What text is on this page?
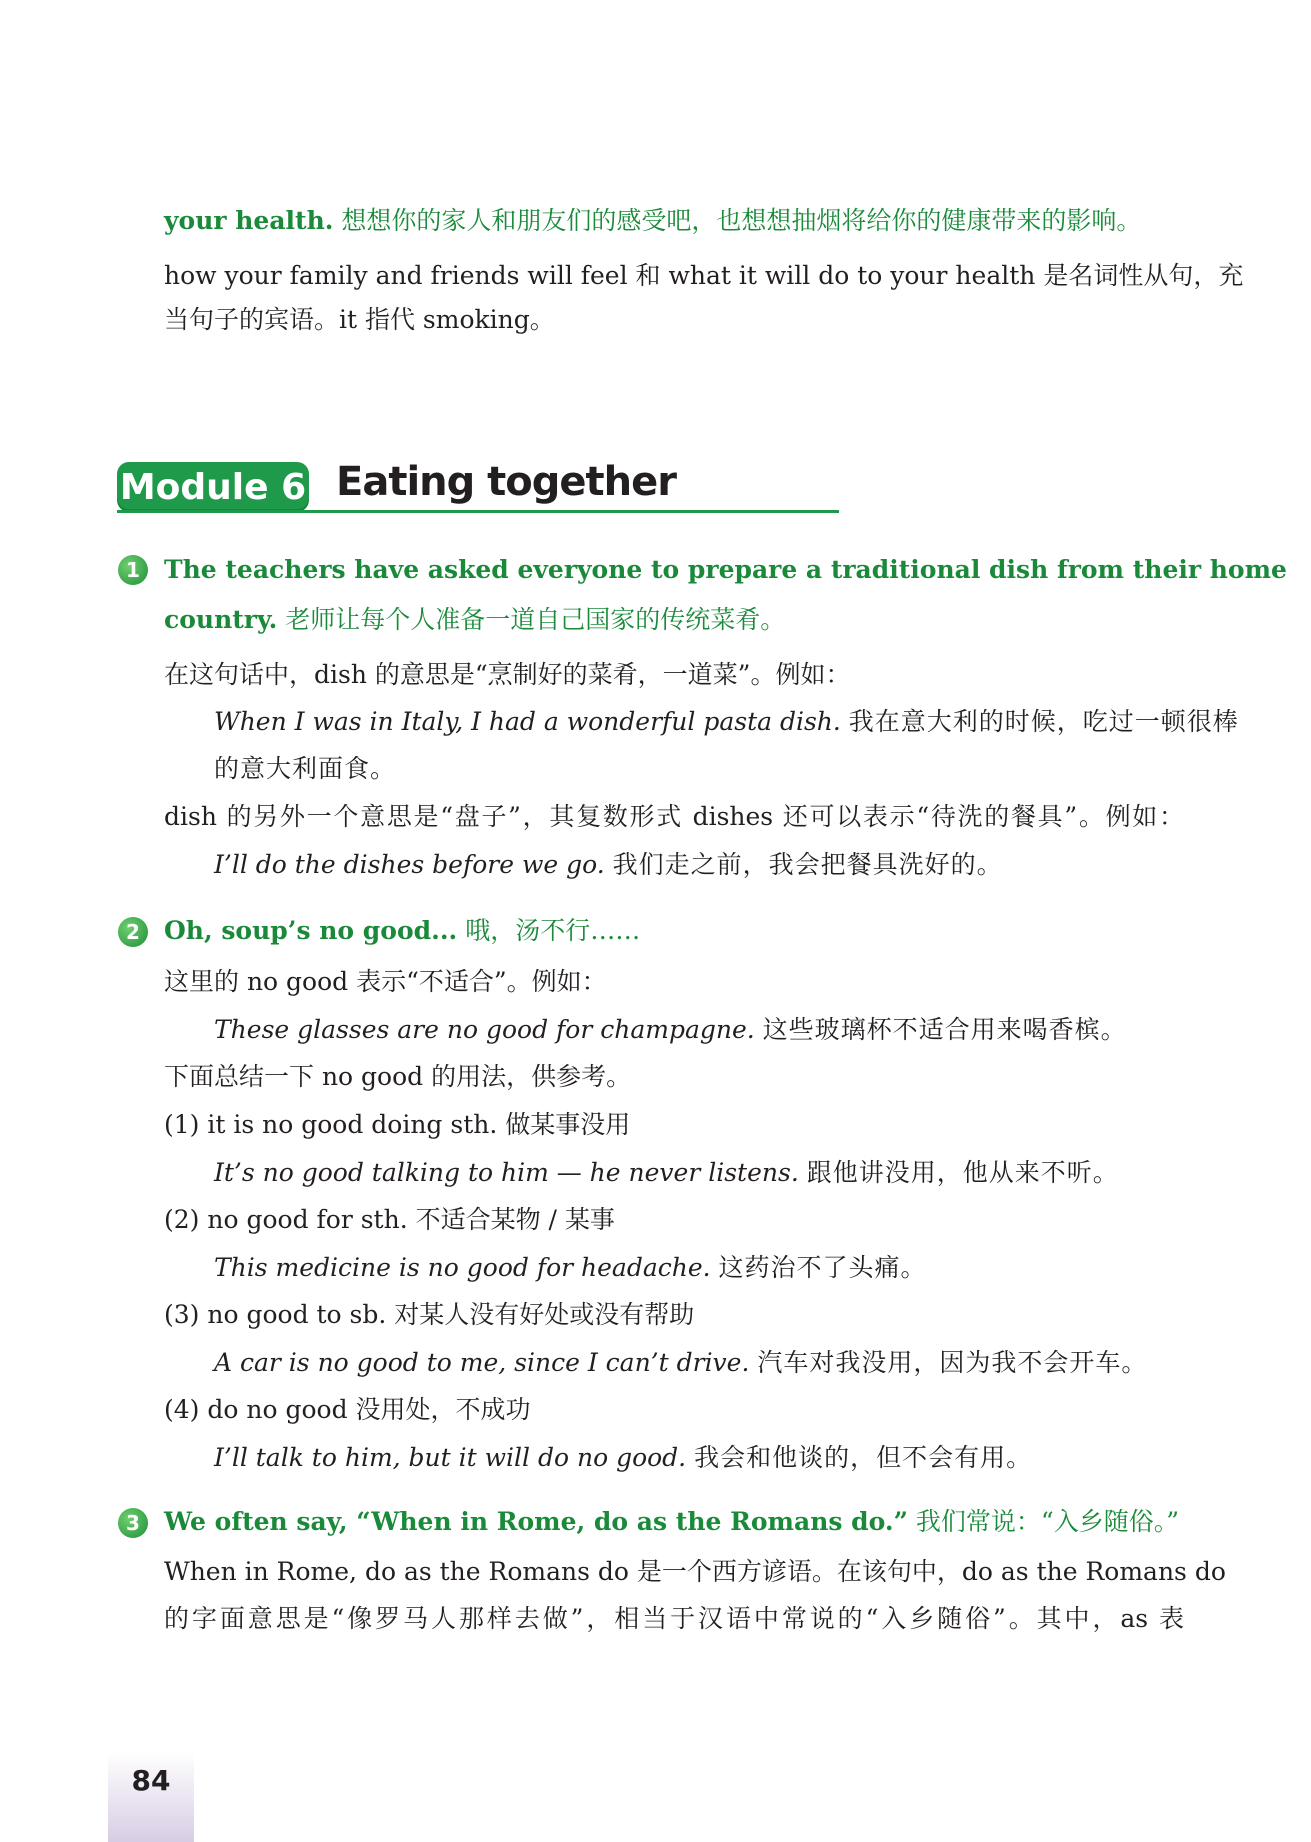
your health. 想想你的家人和朋友们的感受吧，也想想抽烟将给你的健康带来的影响。
how your family and friends will feel 和 what it will do to your health 是名词性从句，充
当句子的宾语。it 指代 smoking。
Module 6 Eating together
1 The teachers have asked everyone to prepare a traditional dish from their home
country. 老师让每个人准备一道自己国家的传统菜肴。
在这句话中，dish 的意思是“烹制好的菜肴，一道菜”。例如：
When I was in Italy, I had a wonderful pasta dish. 我在意大利的时候，吃过一顿很棒
的意大利面食。
dish 的另外一个意思是“盘子”，其复数形式 dishes 还可以表示“待洗的餐具”。例如：
I’ll do the dishes before we go. 我们走之前，我会把餐具洗好的。
2 Oh, soup’s no good... 哦，汤不行……
这里的 no good 表示“不适合”。例如：
These glasses are no good for champagne. 这些玻璃杯不适合用来喝香槟。
下面总结一下 no good 的用法，供参考。
(1) it is no good doing sth. 做某事没用
It’s no good talking to him — he never listens. 跟他讲没用，他从来不听。
(2) no good for sth. 不适合某物 / 某事
This medicine is no good for headache. 这药治不了头痛。
(3) no good to sb. 对某人没有好处或没有帮助
A car is no good to me, since I can’t drive. 汽车对我没用，因为我不会开车。
(4) do no good 没用处，不成功
I’ll talk to him, but it will do no good. 我会和他谈的，但不会有用。
3 We often say, “When in Rome, do as the Romans do.” 我们常说：“入乡随俗。”
When in Rome, do as the Romans do 是一个西方谚语。在该句中，do as the Romans do
的字面意思是“像罗马人那样去做”，相当于汉语中常说的“入乡随俗”。其中，as 表
84
